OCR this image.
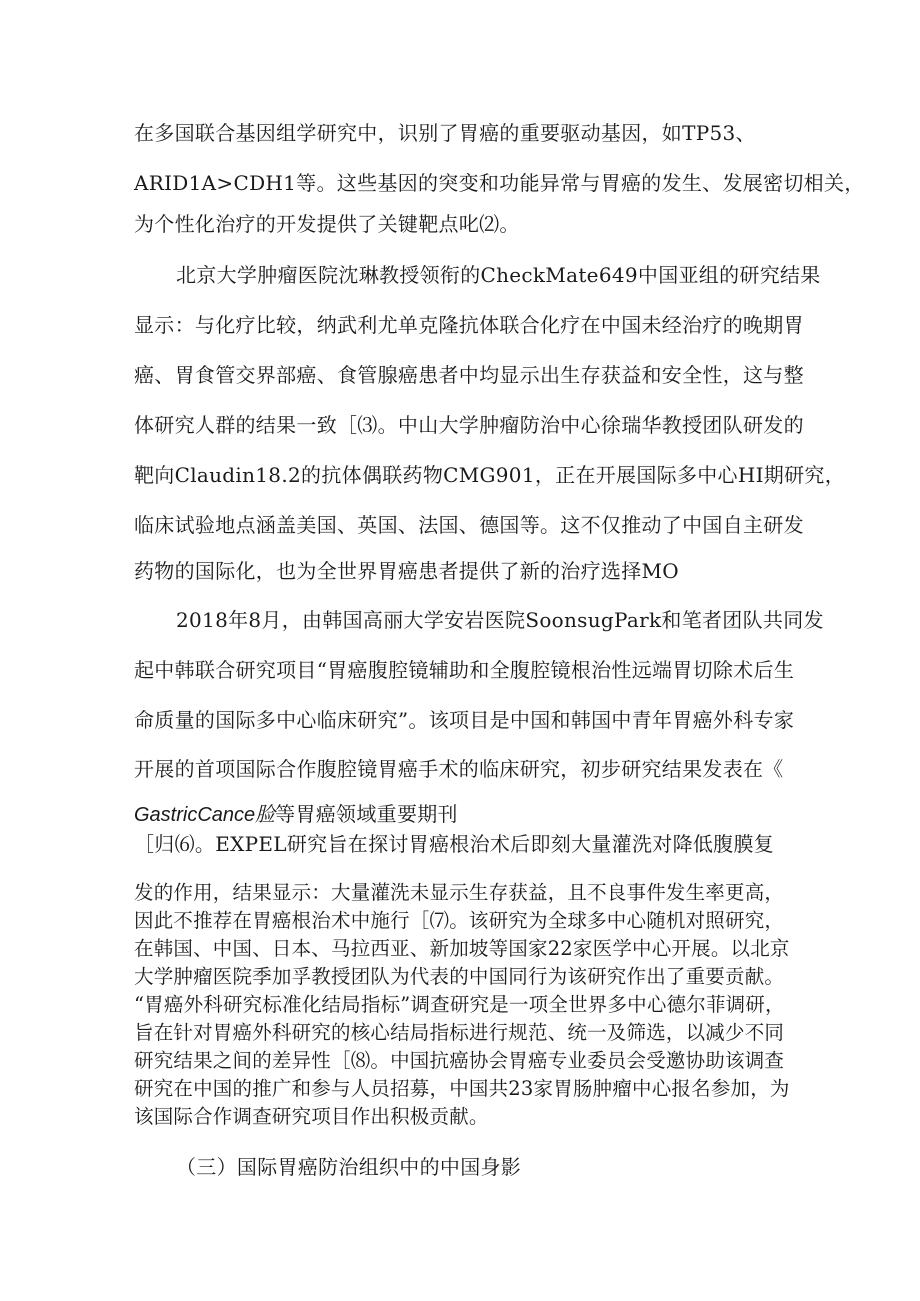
在多国联合基因组学研究中，识别了胃癌的重要驱动基因，如TP53、
ARID1A>CDH1等。这些基因的突变和功能异常与胃癌的发生、发展密切相关，
为个性化治疗的开发提供了关键靶点叱⑵。
北京大学肿瘤医院沈琳教授领衔的CheckMate649中国亚组的研究结果
显示：与化疗比较，纳武利尤单克隆抗体联合化疗在中国未经治疗的晚期胃
癌、胃食管交界部癌、食管腺癌患者中均显示出生存获益和安全性，这与整
体研究人群的结果一致［⑶。中山大学肿瘤防治中心徐瑞华教授团队研发的
靶向Claudin18.2的抗体偶联药物CMG901，正在开展国际多中心HI期研究，
临床试验地点涵盖美国、英国、法国、德国等。这不仅推动了中国自主研发
药物的国际化，也为全世界胃癌患者提供了新的治疗选择MO
2018年8月，由韩国高丽大学安岩医院SoonsugPark和笔者团队共同发
起中韩联合研究项目“胃癌腹腔镜辅助和全腹腔镜根治性远端胃切除术后生
命质量的国际多中心临床研究”。该项目是中国和韩国中青年胃癌外科专家
开展的首项国际合作腹腔镜胃癌手术的临床研究，初步研究结果发表在《
GastricCance脸等胃癌领域重要期刊
［归⑹。EXPEL研究旨在探讨胃癌根治术后即刻大量灌洗对降低腹膜复
发的作用，结果显示：大量灌洗未显示生存获益，且不良事件发生率更高，
因此不推荐在胃癌根治术中施行［⑺。该研究为全球多中心随机对照研究，
在韩国、中国、日本、马拉西亚、新加坡等国家22家医学中心开展。以北京
大学肿瘤医院季加孚教授团队为代表的中国同行为该研究作出了重要贡献。
“胃癌外科研究标准化结局指标”调查研究是一项全世界多中心德尔菲调研，
旨在针对胃癌外科研究的核心结局指标进行规范、统一及筛选，以减少不同
研究结果之间的差异性［⑻。中国抗癌协会胃癌专业委员会受邀协助该调查
研究在中国的推广和参与人员招募，中国共23家胃肠肿瘤中心报名参加，为
该国际合作调查研究项目作出积极贡献。
（三）国际胃癌防治组织中的中国身影
